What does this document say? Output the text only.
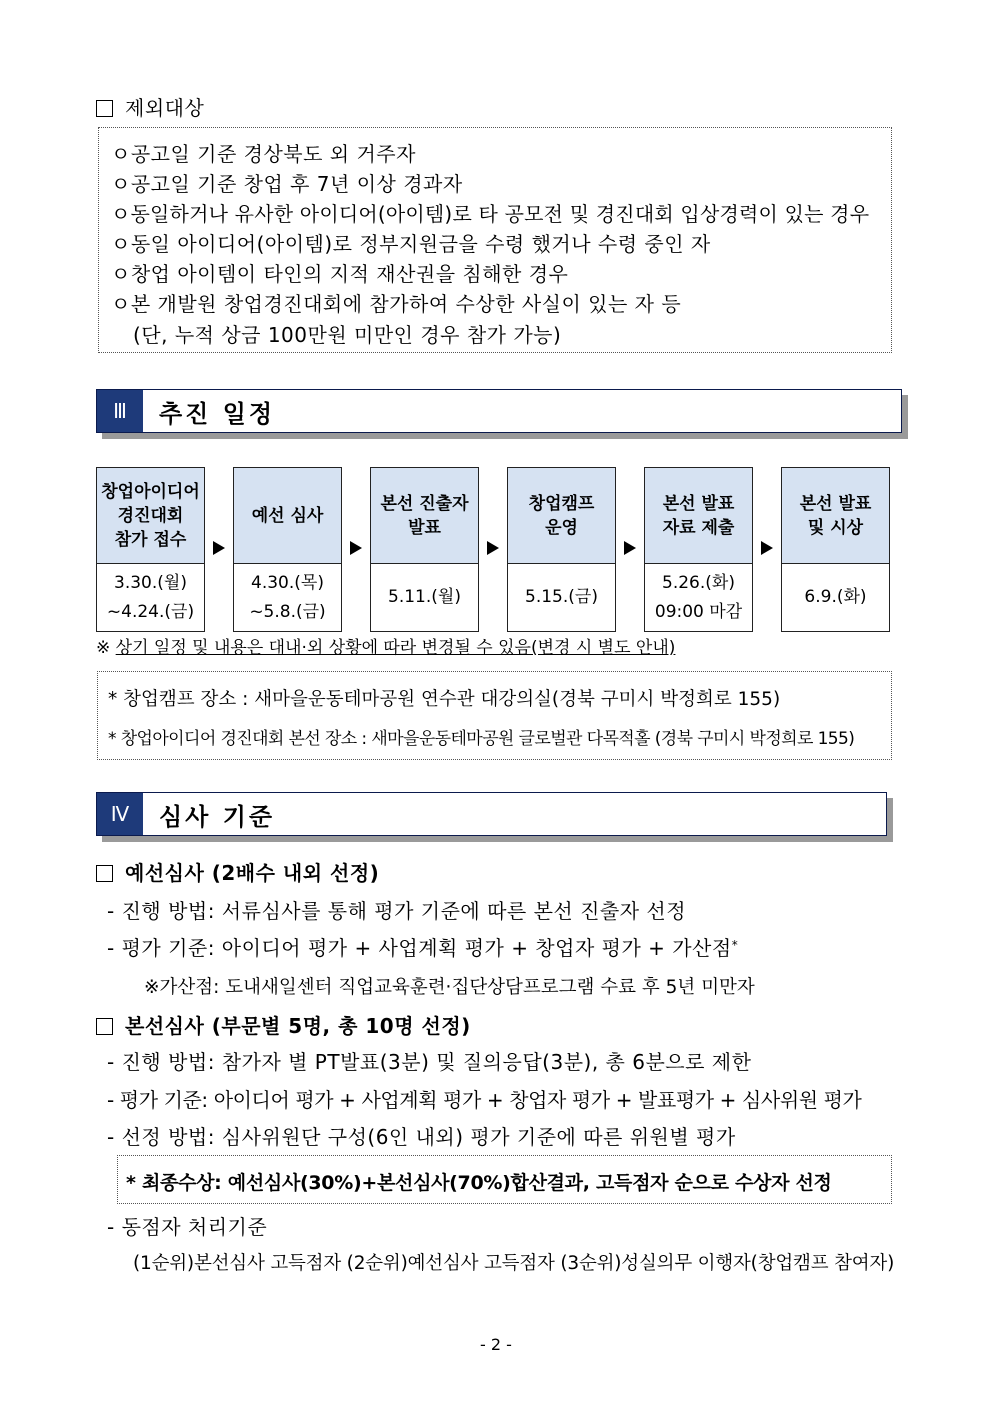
제외대상
ㅇ공고일 기준 경상북도 외 거주자
ㅇ공고일 기준 창업 후 7년 이상 경과자
ㅇ동일하거나 유사한 아이디어(아이템)로 타 공모전 및 경진대회 입상경력이 있는 경우
ㅇ동일 아이디어(아이템)로 정부지원금을 수령 했거나 수령 중인 자
ㅇ창업 아이템이 타인의 지적 재산권을 침해한 경우
ㅇ본 개발원 창업경진대회에 참가하여 수상한 사실이 있는 자 등
(단, 누적 상금 100만원 미만인 경우 참가 가능)
Ⅲ	추진 일정
창업아이디어
경진대회
참가 접수
3.30.(월)
~4.24.(금)
예선 심사
4.30.(목)
~5.8.(금)
본선 진출자
발표
5.11.(월)
창업캠프
운영
5.15.(금)
본선 발표
자료 제출
5.26.(화)
09:00 마감
본선 발표
및 시상
6.9.(화)
※ 상기 일정 및 내용은 대내·외 상황에 따라 변경될 수 있음(변경 시 별도 안내)
* 창업캠프 장소 : 새마을운동테마공원 연수관 대강의실(경북 구미시 박정희로 155)
* 창업아이디어 경진대회 본선 장소 : 새마을운동테마공원 글로벌관 다목적홀 (경북 구미시 박정희로 155)
Ⅳ	심사 기준
예선심사 (2배수 내외 선정)
- 진행 방법: 서류심사를 통해 평가 기준에 따른 본선 진출자 선정
- 평가 기준: 아이디어 평가 + 사업계획 평가 + 창업자 평가 + 가산점*
※가산점: 도내새일센터 직업교육훈련·집단상담프로그램 수료 후 5년 미만자
본선심사 (부문별 5명, 총 10명 선정)
- 진행 방법: 참가자 별 PT발표(3분) 및 질의응답(3분), 총 6분으로 제한
- 평가 기준: 아이디어 평가 + 사업계획 평가 + 창업자 평가 + 발표평가 + 심사위원 평가
- 선정 방법: 심사위원단 구성(6인 내외) 평가 기준에 따른 위원별 평가
* 최종수상: 예선심사(30%)+본선심사(70%)합산결과, 고득점자 순으로 수상자 선정
- 동점자 처리기준
(1순위)본선심사 고득점자 (2순위)예선심사 고득점자 (3순위)성실의무 이행자(창업캠프 참여자)
- 2 -
